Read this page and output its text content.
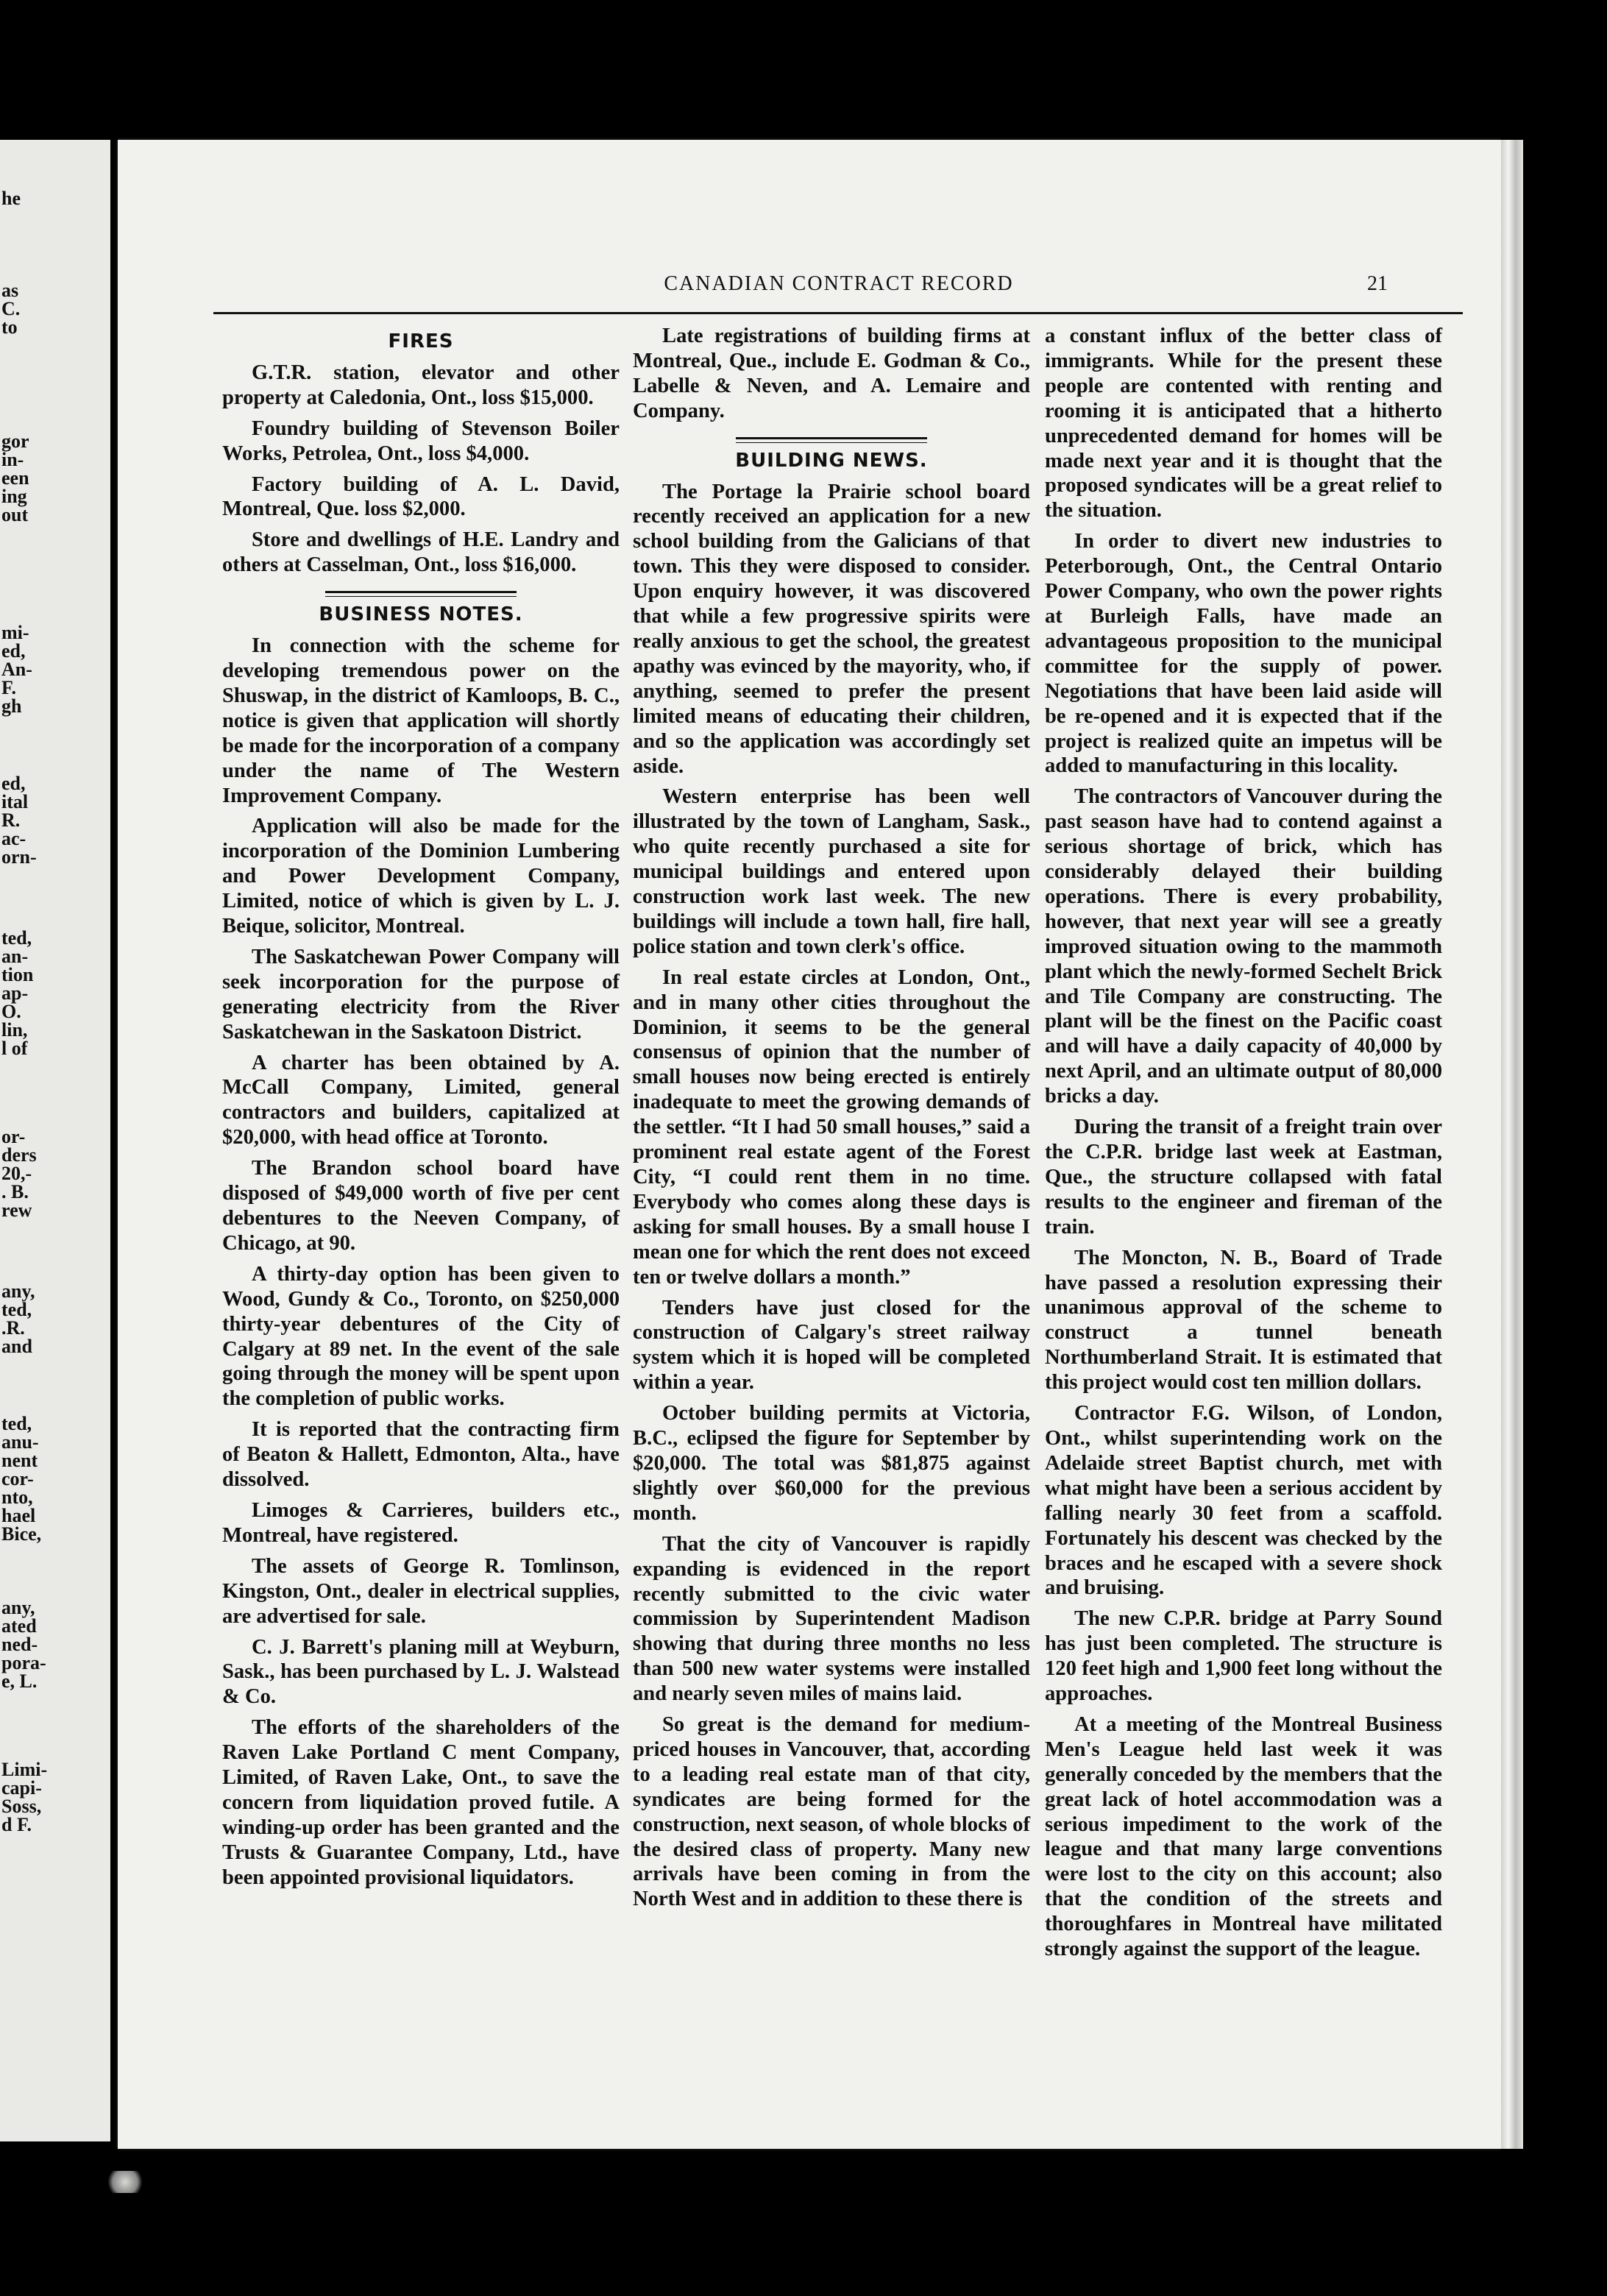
he
as
C.
to
gor
in-
een
ing
out
mi-
ed,
An-
F.
gh
ed,
ital
R.
ac-
orn-
ted,
an-
tion
ap-
O.
lin,
l of
or-
ders
20,-
. B.
rew
any,
ted,
.R.
and
ted,
anu-
nent
cor-
nto,
hael
Bice,
any,
ated
ned-
pora-
e, L.
Limi-
capi-
Soss,
d F.
CANADIAN CONTRACT RECORD	21
FIRES

G.T.R. station, elevator and other property at Caledonia, Ont., loss $15,000.

Foundry building of Stevenson Boiler Works, Petrolea, Ont., loss $4,000.

Factory building of A. L. David, Montreal, Que. loss $2,000.

Store and dwellings of H.E. Landry and others at Casselman, Ont., loss $16,000.

BUSINESS NOTES.

In connection with the scheme for developing tremendous power on the Shuswap, in the district of Kamloops, B. C., notice is given that application will shortly be made for the incorporation of a company under the name of The Western Improvement Company.

Application will also be made for the incorporation of the Dominion Lumbering and Power Development Company, Limited, notice of which is given by L. J. Beique, solicitor, Montreal.

The Saskatchewan Power Company will seek incorporation for the purpose of generating electricity from the River Saskatchewan in the Saskatoon District.

A charter has been obtained by A. McCall Company, Limited, general contractors and builders, capitalized at $20,000, with head office at Toronto.

The Brandon school board have disposed of $49,000 worth of five per cent debentures to the Neeven Company, of Chicago, at 90.

A thirty-day option has been given to Wood, Gundy & Co., Toronto, on $250,000 thirty-year debentures of the City of Calgary at 89 net. In the event of the sale going through the money will be spent upon the completion of public works.

It is reported that the contracting firm of Beaton & Hallett, Edmonton, Alta., have dissolved.

Limoges & Carrieres, builders etc., Montreal, have registered.

The assets of George R. Tomlinson, Kingston, Ont., dealer in electrical supplies, are advertised for sale.

C. J. Barrett's planing mill at Weyburn, Sask., has been purchased by L. J. Walstead & Co.

The efforts of the shareholders of the Raven Lake Portland C ment Company, Limited, of Raven Lake, Ont., to save the concern from liquidation proved futile. A winding-up order has been granted and the Trusts & Guarantee Company, Ltd., have been appointed provisional liquidators.

Late registrations of building firms at Montreal, Que., include E. Godman & Co., Labelle & Neven, and A. Lemaire and Company.

BUILDING NEWS.

The Portage la Prairie school board recently received an application for a new school building from the Galicians of that town. This they were disposed to consider. Upon enquiry however, it was discovered that while a few progressive spirits were really anxious to get the school, the greatest apathy was evinced by the mayority, who, if anything, seemed to prefer the present limited means of educating their children, and so the application was accordingly set aside.

Western enterprise has been well illustrated by the town of Langham, Sask., who quite recently purchased a site for municipal buildings and entered upon construction work last week. The new buildings will include a town hall, fire hall, police station and town clerk's office.

In real estate circles at London, Ont., and in many other cities throughout the Dominion, it seems to be the general consensus of opinion that the number of small houses now being erected is entirely inadequate to meet the growing demands of the settler. “It I had 50 small houses,” said a prominent real estate agent of the Forest City, “I could rent them in no time. Everybody who comes along these days is asking for small houses. By a small house I mean one for which the rent does not exceed ten or twelve dollars a month.”

Tenders have just closed for the construction of Calgary's street railway system which it is hoped will be completed within a year.

October building permits at Victoria, B.C., eclipsed the figure for September by $20,000. The total was $81,875 against slightly over $60,000 for the previous month.

That the city of Vancouver is rapidly expanding is evidenced in the report recently submitted to the civic water commission by Superintendent Madison showing that during three months no less than 500 new water systems were installed and nearly seven miles of mains laid.

So great is the demand for medium-priced houses in Vancouver, that, according to a leading real estate man of that city, syndicates are being formed for the construction, next season, of whole blocks of the desired class of property. Many new arrivals have been coming in from the North West and in addition to these there is

a constant influx of the better class of immigrants. While for the present these people are contented with renting and rooming it is anticipated that a hitherto unprecedented demand for homes will be made next year and it is thought that the proposed syndicates will be a great relief to the situation.

In order to divert new industries to Peterborough, Ont., the Central Ontario Power Company, who own the power rights at Burleigh Falls, have made an advantageous proposition to the municipal committee for the supply of power. Negotiations that have been laid aside will be re-opened and it is expected that if the project is realized quite an impetus will be added to manufacturing in this locality.

The contractors of Vancouver during the past season have had to contend against a serious shortage of brick, which has considerably delayed their building operations. There is every probability, however, that next year will see a greatly improved situation owing to the mammoth plant which the newly-formed Sechelt Brick and Tile Company are constructing. The plant will be the finest on the Pacific coast and will have a daily capacity of 40,000 by next April, and an ultimate output of 80,000 bricks a day.

During the transit of a freight train over the C.P.R. bridge last week at Eastman, Que., the structure collapsed with fatal results to the engineer and fireman of the train.

The Moncton, N. B., Board of Trade have passed a resolution expressing their unanimous approval of the scheme to construct a tunnel beneath Northumberland Strait. It is estimated that this project would cost ten million dollars.

Contractor F.G. Wilson, of London, Ont., whilst superintending work on the Adelaide street Baptist church, met with what might have been a serious accident by falling nearly 30 feet from a scaffold. Fortunately his descent was checked by the braces and he escaped with a severe shock and bruising.

The new C.P.R. bridge at Parry Sound has just been completed. The structure is 120 feet high and 1,900 feet long without the approaches.

At a meeting of the Montreal Business Men's League held last week it was generally conceded by the members that the great lack of hotel accommodation was a serious impediment to the work of the league and that many large conventions were lost to the city on this account; also that the condition of the streets and thoroughfares in Montreal have militated strongly against the support of the league.
